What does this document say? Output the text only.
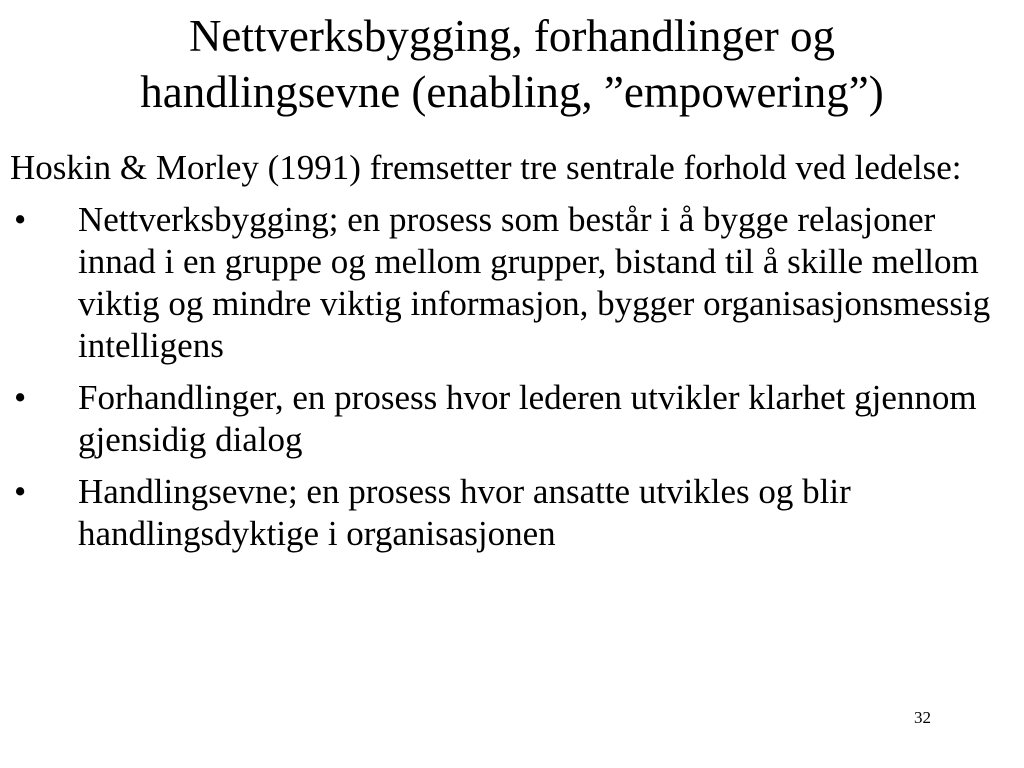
Nettverksbygging, forhandlinger og
handlingsevne (enabling, ”empowering”)

Hoskin & Morley (1991) fremsetter tre sentrale forhold ved ledelse:

• Nettverksbygging; en prosess som består i å bygge relasjoner innad i en gruppe og mellom grupper, bistand til å skille mellom viktig og mindre viktig informasjon, bygger organisasjonsmessig intelligens
• Forhandlinger, en prosess hvor lederen utvikler klarhet gjennom gjensidig dialog
• Handlingsevne; en prosess hvor ansatte utvikles og blir handlingsdyktige i organisasjonen
32
